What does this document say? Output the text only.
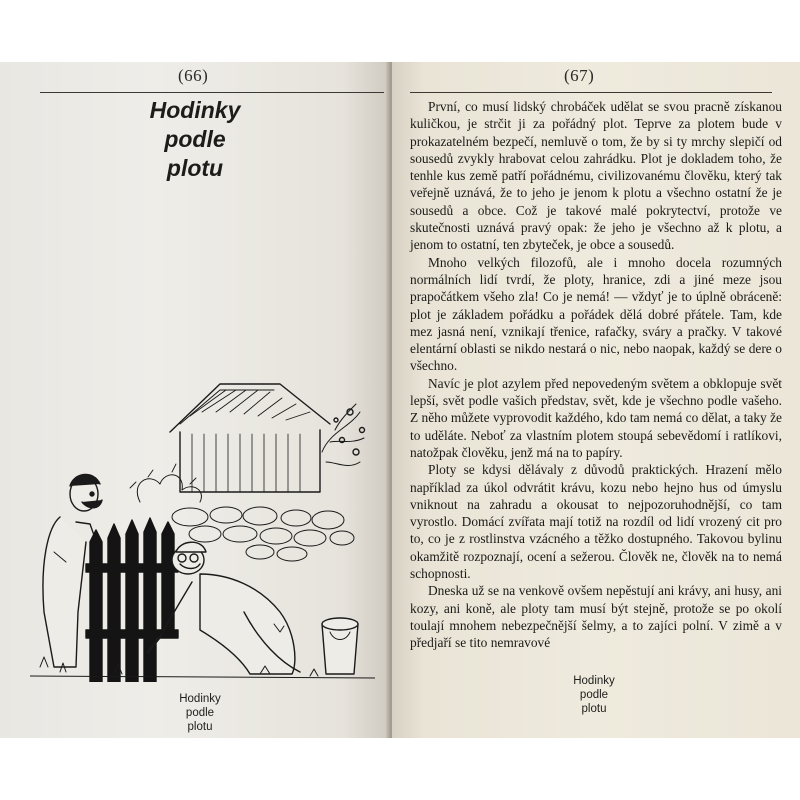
(66)
Hodinky
podle
plotu
Hodinky
podle
plotu
(67)

První, co musí lidský chrobáček udělat se svou pracně získanou kuličkou, je strčit ji za pořádný plot. Teprve za plotem bude v prokazatelném bezpečí, nemluvě o tom, že by si ty mrchy slepičí od sousedů zvykly hrabovat celou zahrádku. Plot je dokladem toho, že tenhle kus země patří pořádnému, civilizovanému člověku, který tak veřejně uznává, že to jeho je jenom k plotu a všechno ostatní že je sousedů a obce. Což je takové malé pokrytectví, protože ve skutečnosti uznává pravý opak: že jeho je všechno až k plotu, a jenom to ostatní, ten zbyteček, je obce a sousedů.

Mnoho velkých filozofů, ale i mnoho docela rozumných normálních lidí tvrdí, že ploty, hranice, zdi a jiné meze jsou prapočátkem všeho zla! Co je nemá! — vždyť je to úplně obráceně: plot je základem pořádku a pořádek dělá dobré přátele. Tam, kde mez jasná není, vznikají třenice, rafačky, sváry a pračky. V takové elentární oblasti se nikdo nestará o nic, nebo naopak, každý se dere o všechno.

Navíc je plot azylem před nepovedeným světem a obklopuje svět lepší, svět podle vašich představ, svět, kde je všechno podle vašeho. Z něho můžete vyprovodit každého, kdo tam nemá co dělat, a taky že to uděláte. Neboť za vlastním plotem stoupá sebevědomí i ratlíkovi, natožpak člověku, jenž má na to papíry.

Ploty se kdysi dělávaly z důvodů praktických. Hrazení mělo například za úkol odvrátit krávu, kozu nebo hejno hus od úmyslu vniknout na zahradu a okousat to nejpozoruhodnější, co tam vyrostlo. Domácí zvířata mají totiž na rozdíl od lidí vrozený cit pro to, co je z rostlinstva vzácného a těžko dostupného. Takovou bylinu okamžitě rozpoznají, ocení a sežerou. Člověk ne, člověk na to nemá schopnosti.

Dneska už se na venkově ovšem nepěstují ani krávy, ani husy, ani kozy, ani koně, ale ploty tam musí být stejně, protože se po okolí toulají mnohem nebezpečnější šelmy, a to zajíci polní. V zimě a v předjaří se tito nemravové

Hodinky
podle
plotu
